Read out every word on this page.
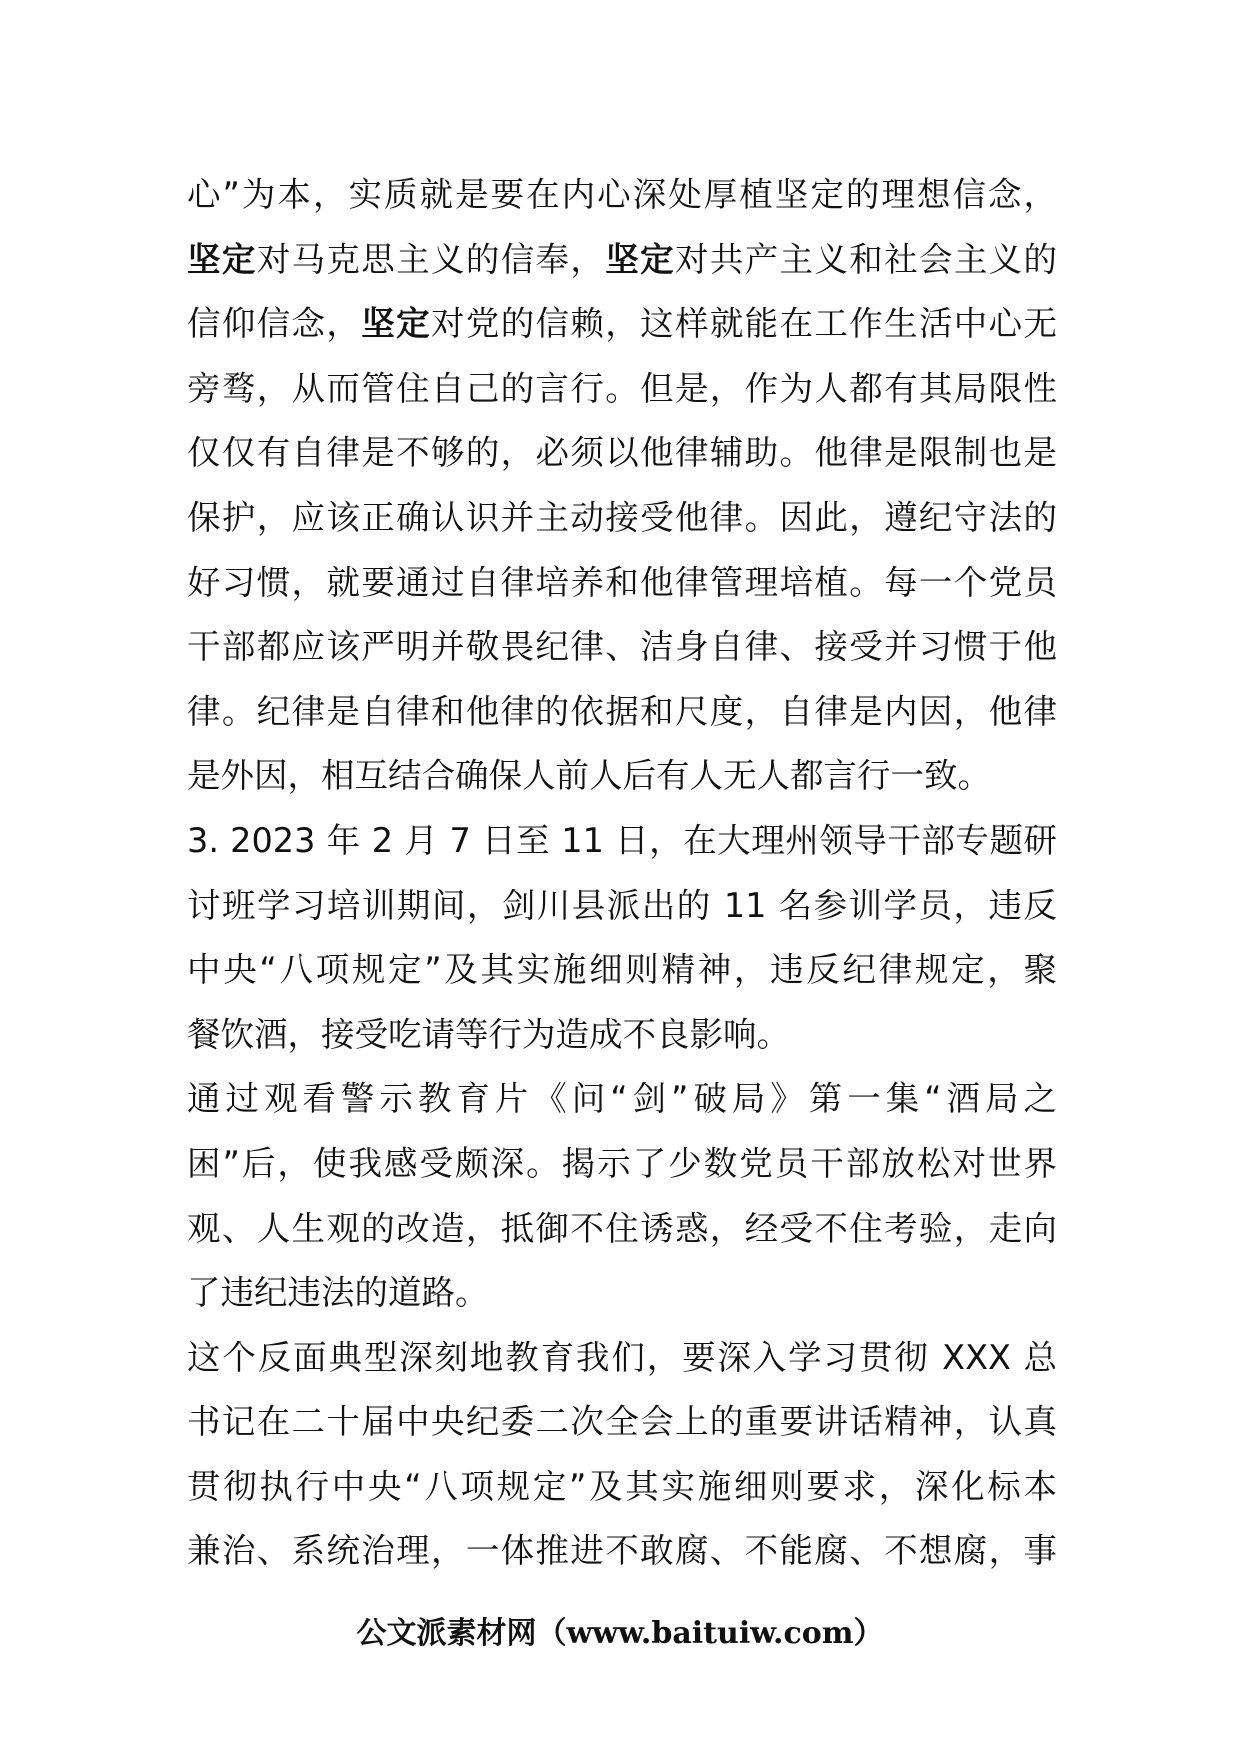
心”为本，实质就是要在内心深处厚植坚定的理想信念，
坚定对马克思主义的信奉，坚定对共产主义和社会主义的
信仰信念，坚定对党的信赖，这样就能在工作生活中心无
旁骛，从而管住自己的言行。但是，作为人都有其局限性
仅仅有自律是不够的，必须以他律辅助。他律是限制也是
保护，应该正确认识并主动接受他律。因此，遵纪守法的
好习惯，就要通过自律培养和他律管理培植。每一个党员
干部都应该严明并敬畏纪律、洁身自律、接受并习惯于他
律。纪律是自律和他律的依据和尺度，自律是内因，他律
是外因，相互结合确保人前人后有人无人都言行一致。
3. 2023 年 2 月 7 日至 11 日，在大理州领导干部专题研
讨班学习培训期间，剑川县派出的 11 名参训学员，违反
中央“八项规定”及其实施细则精神，违反纪律规定，聚
餐饮酒，接受吃请等行为造成不良影响。
通过观看警示教育片《问“剑”破局》第一集“酒局之
困”后，使我感受颇深。揭示了少数党员干部放松对世界
观、人生观的改造，抵御不住诱惑，经受不住考验，走向
了违纪违法的道路。
这个反面典型深刻地教育我们，要深入学习贯彻 XXX 总
书记在二十届中央纪委二次全会上的重要讲话精神，认真
贯彻执行中央“八项规定”及其实施细则要求，深化标本
兼治、系统治理，一体推进不敢腐、不能腐、不想腐，事
公文派素材网（www.baituiw.com）
